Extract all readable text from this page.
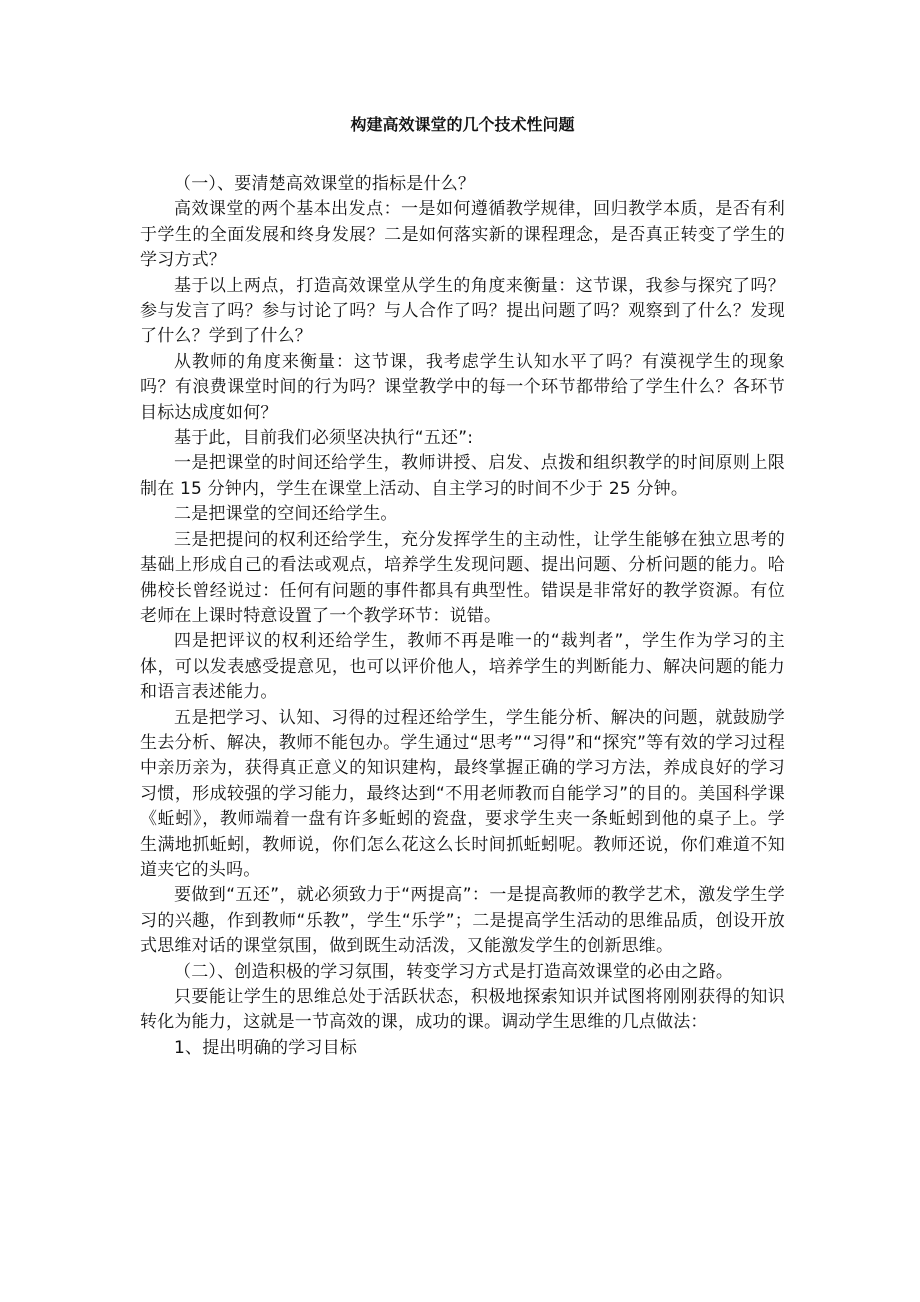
构建高效课堂的几个技术性问题

（一）、要清楚高效课堂的指标是什么？

高效课堂的两个基本出发点：一是如何遵循教学规律，回归教学本质，是否有利于学生的全面发展和终身发展？二是如何落实新的课程理念，是否真正转变了学生的学习方式？

基于以上两点，打造高效课堂从学生的角度来衡量：这节课，我参与探究了吗？参与发言了吗？参与讨论了吗？与人合作了吗？提出问题了吗？观察到了什么？发现了什么？学到了什么？

从教师的角度来衡量：这节课，我考虑学生认知水平了吗？有漠视学生的现象吗？有浪费课堂时间的行为吗？课堂教学中的每一个环节都带给了学生什么？各环节目标达成度如何？

基于此，目前我们必须坚决执行“五还”:

一是把课堂的时间还给学生，教师讲授、启发、点拨和组织教学的时间原则上限制在 15 分钟内，学生在课堂上活动、自主学习的时间不少于 25 分钟。

二是把课堂的空间还给学生。

三是把提问的权利还给学生，充分发挥学生的主动性，让学生能够在独立思考的基础上形成自己的看法或观点，培养学生发现问题、提出问题、分析问题的能力。哈佛校长曾经说过：任何有问题的事件都具有典型性。错误是非常好的教学资源。有位老师在上课时特意设置了一个教学环节：说错。

四是把评议的权利还给学生，教师不再是唯一的“裁判者”，学生作为学习的主体，可以发表感受提意见，也可以评价他人，培养学生的判断能力、解决问题的能力和语言表述能力。

五是把学习、认知、习得的过程还给学生，学生能分析、解决的问题，就鼓励学生去分析、解决，教师不能包办。学生通过“思考”“习得”和“探究”等有效的学习过程中亲历亲为，获得真正意义的知识建构，最终掌握正确的学习方法，养成良好的学习习惯，形成较强的学习能力，最终达到“不用老师教而自能学习”的目的。美国科学课《蚯蚓》，教师端着一盘有许多蚯蚓的瓷盘，要求学生夹一条蚯蚓到他的桌子上。学生满地抓蚯蚓，教师说，你们怎么花这么长时间抓蚯蚓呢。教师还说，你们难道不知道夹它的头吗。

要做到“五还”，就必须致力于“两提高”：一是提高教师的教学艺术，激发学生学习的兴趣，作到教师“乐教”，学生“乐学”；二是提高学生活动的思维品质，创设开放式思维对话的课堂氛围，做到既生动活泼，又能激发学生的创新思维。

（二）、创造积极的学习氛围，转变学习方式是打造高效课堂的必由之路。

只要能让学生的思维总处于活跃状态，积极地探索知识并试图将刚刚获得的知识转化为能力，这就是一节高效的课，成功的课。调动学生思维的几点做法：

1、提出明确的学习目标
